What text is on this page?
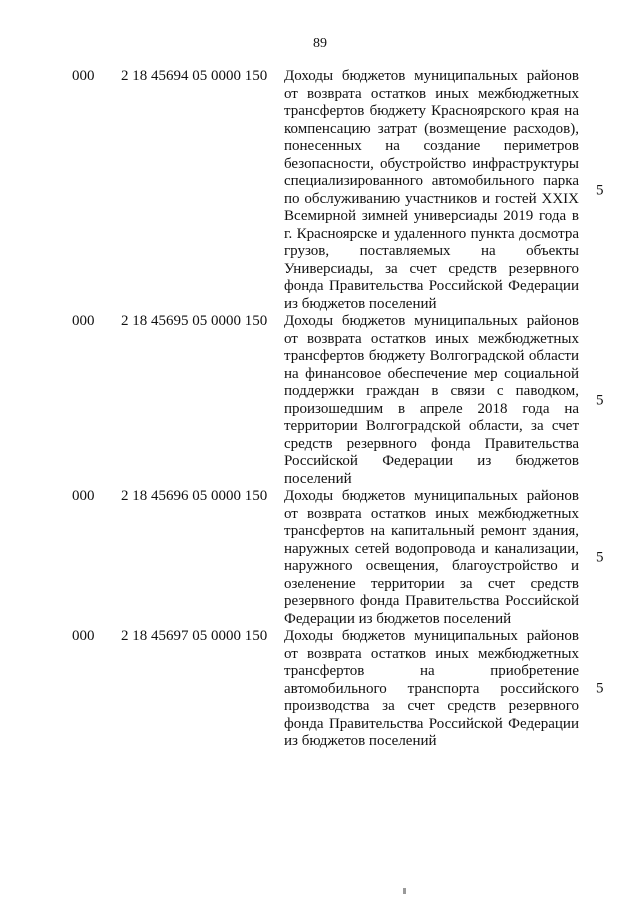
89
000 2 18 45694 05 0000 150 Доходы бюджетов муниципальных районов от возврата остатков иных межбюджетных трансфертов бюджету Красноярского края на компенсацию затрат (возмещение расходов), понесенных на создание периметров безопасности, обустройство инфраструктуры специализированного автомобильного парка по обслуживанию участников и гостей XXIX Всемирной зимней универсиады 2019 года в г. Красноярске и удаленного пункта досмотра грузов, поставляемых на объекты Универсиады, за счет средств резервного фонда Правительства Российской Федерации из бюджетов поселений
5
000 2 18 45695 05 0000 150 Доходы бюджетов муниципальных районов от возврата остатков иных межбюджетных трансфертов бюджету Волгоградской области на финансовое обеспечение мер социальной поддержки граждан в связи с паводком, произошедшим в апреле 2018 года на территории Волгоградской области, за счет средств резервного фонда Правительства Российской Федерации из бюджетов поселений
5
000 2 18 45696 05 0000 150 Доходы бюджетов муниципальных районов от возврата остатков иных межбюджетных трансфертов на капитальный ремонт здания, наружных сетей водопровода и канализации, наружного освещения, благоустройство и озеленение территории за счет средств резервного фонда Правительства Российской Федерации из бюджетов поселений
5
000 2 18 45697 05 0000 150 Доходы бюджетов муниципальных районов от возврата остатков иных межбюджетных трансфертов на приобретение автомобильного транспорта российского производства за счет средств резервного фонда Правительства Российской Федерации из бюджетов поселений
5
